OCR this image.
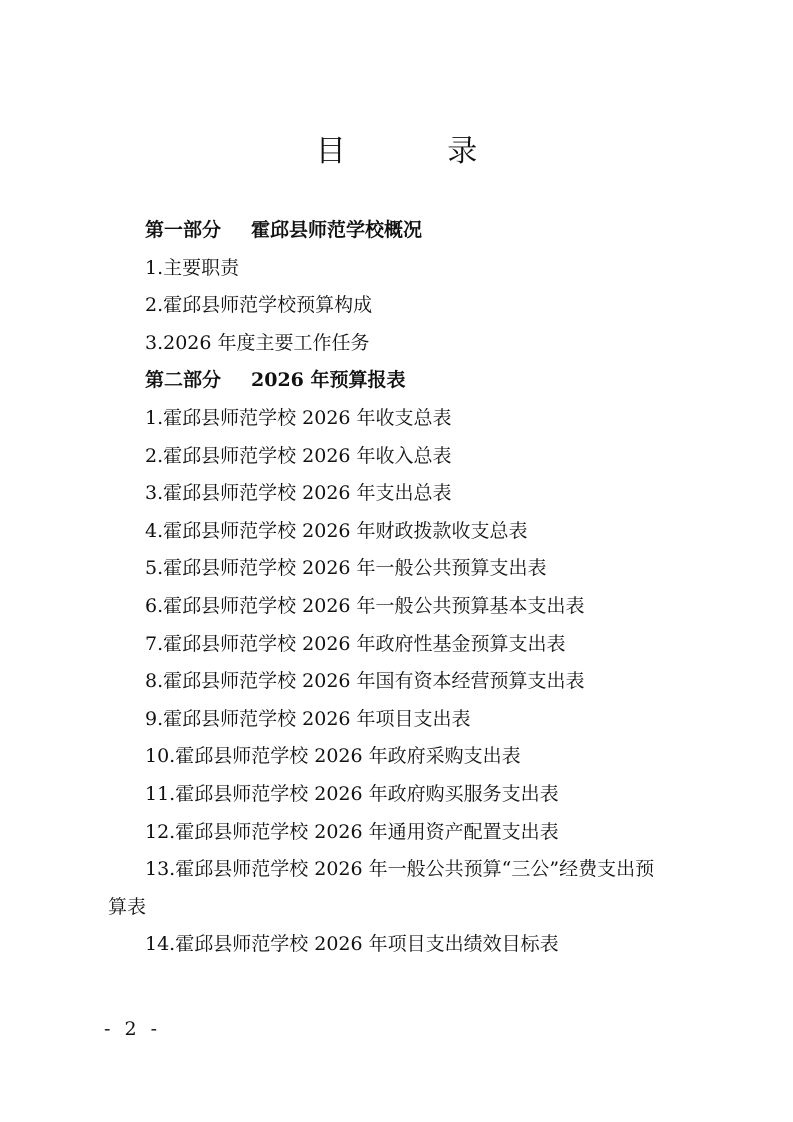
目 录
第一部分 霍邱县师范学校概况
1.主要职责
2.霍邱县师范学校预算构成
3.2026 年度主要工作任务
第二部分 2026 年预算报表
1.霍邱县师范学校 2026 年收支总表
2.霍邱县师范学校 2026 年收入总表
3.霍邱县师范学校 2026 年支出总表
4.霍邱县师范学校 2026 年财政拨款收支总表
5.霍邱县师范学校 2026 年一般公共预算支出表
6.霍邱县师范学校 2026 年一般公共预算基本支出表
7.霍邱县师范学校 2026 年政府性基金预算支出表
8.霍邱县师范学校 2026 年国有资本经营预算支出表
9.霍邱县师范学校 2026 年项目支出表
10.霍邱县师范学校 2026 年政府采购支出表
11.霍邱县师范学校 2026 年政府购买服务支出表
12.霍邱县师范学校 2026 年通用资产配置支出表
13.霍邱县师范学校 2026 年一般公共预算“三公”经费支出预
算表
14.霍邱县师范学校 2026 年项目支出绩效目标表
- 2 -
